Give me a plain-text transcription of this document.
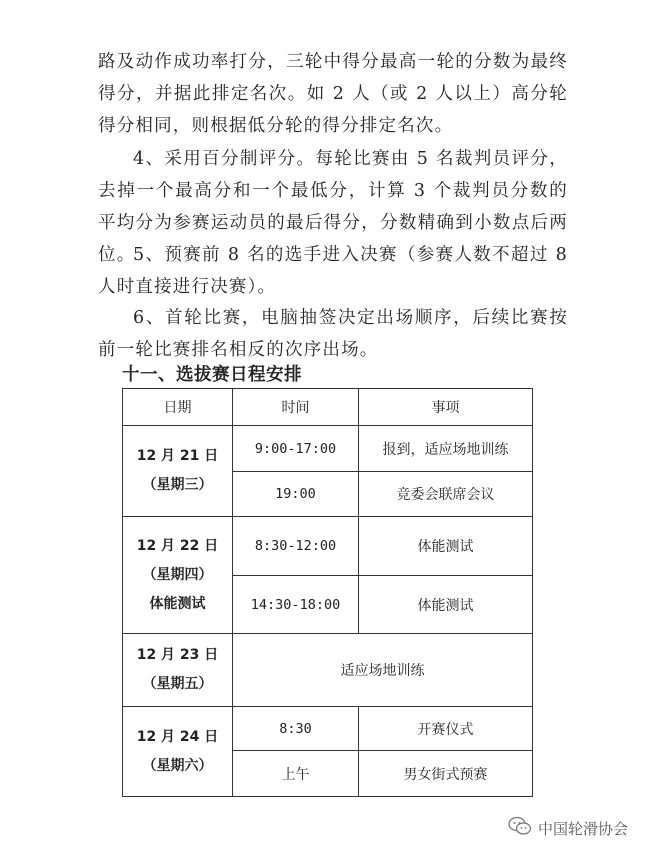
路及动作成功率打分，三轮中得分最高一轮的分数为最终得分，并据此排定名次。如 2 人（或 2 人以上）高分轮得分相同，则根据低分轮的得分排定名次。

4、采用百分制评分。每轮比赛由 5 名裁判员评分，去掉一个最高分和一个最低分，计算 3 个裁判员分数的平均分为参赛运动员的最后得分，分数精确到小数点后两位。

5、预赛前 8 名的选手进入决赛（参赛人数不超过 8 人时直接进行决赛）。

6、首轮比赛，电脑抽签决定出场顺序，后续比赛按前一轮比赛排名相反的次序出场。

十一、选拔赛日程安排
日期	时间	事项

12 月 21 日
（星期三）	9:00-17:00	报到，适应场地训练
	19:00	竞委会联席会议

12 月 22 日
（星期四）
体能测试	8:30-12:00	体能测试
	14:30-18:00	体能测试

12 月 23 日
（星期五）	适应场地训练	

12 月 24 日
（星期六）	8:30	开赛仪式
	上午	男女街式预赛
中国轮滑协会
